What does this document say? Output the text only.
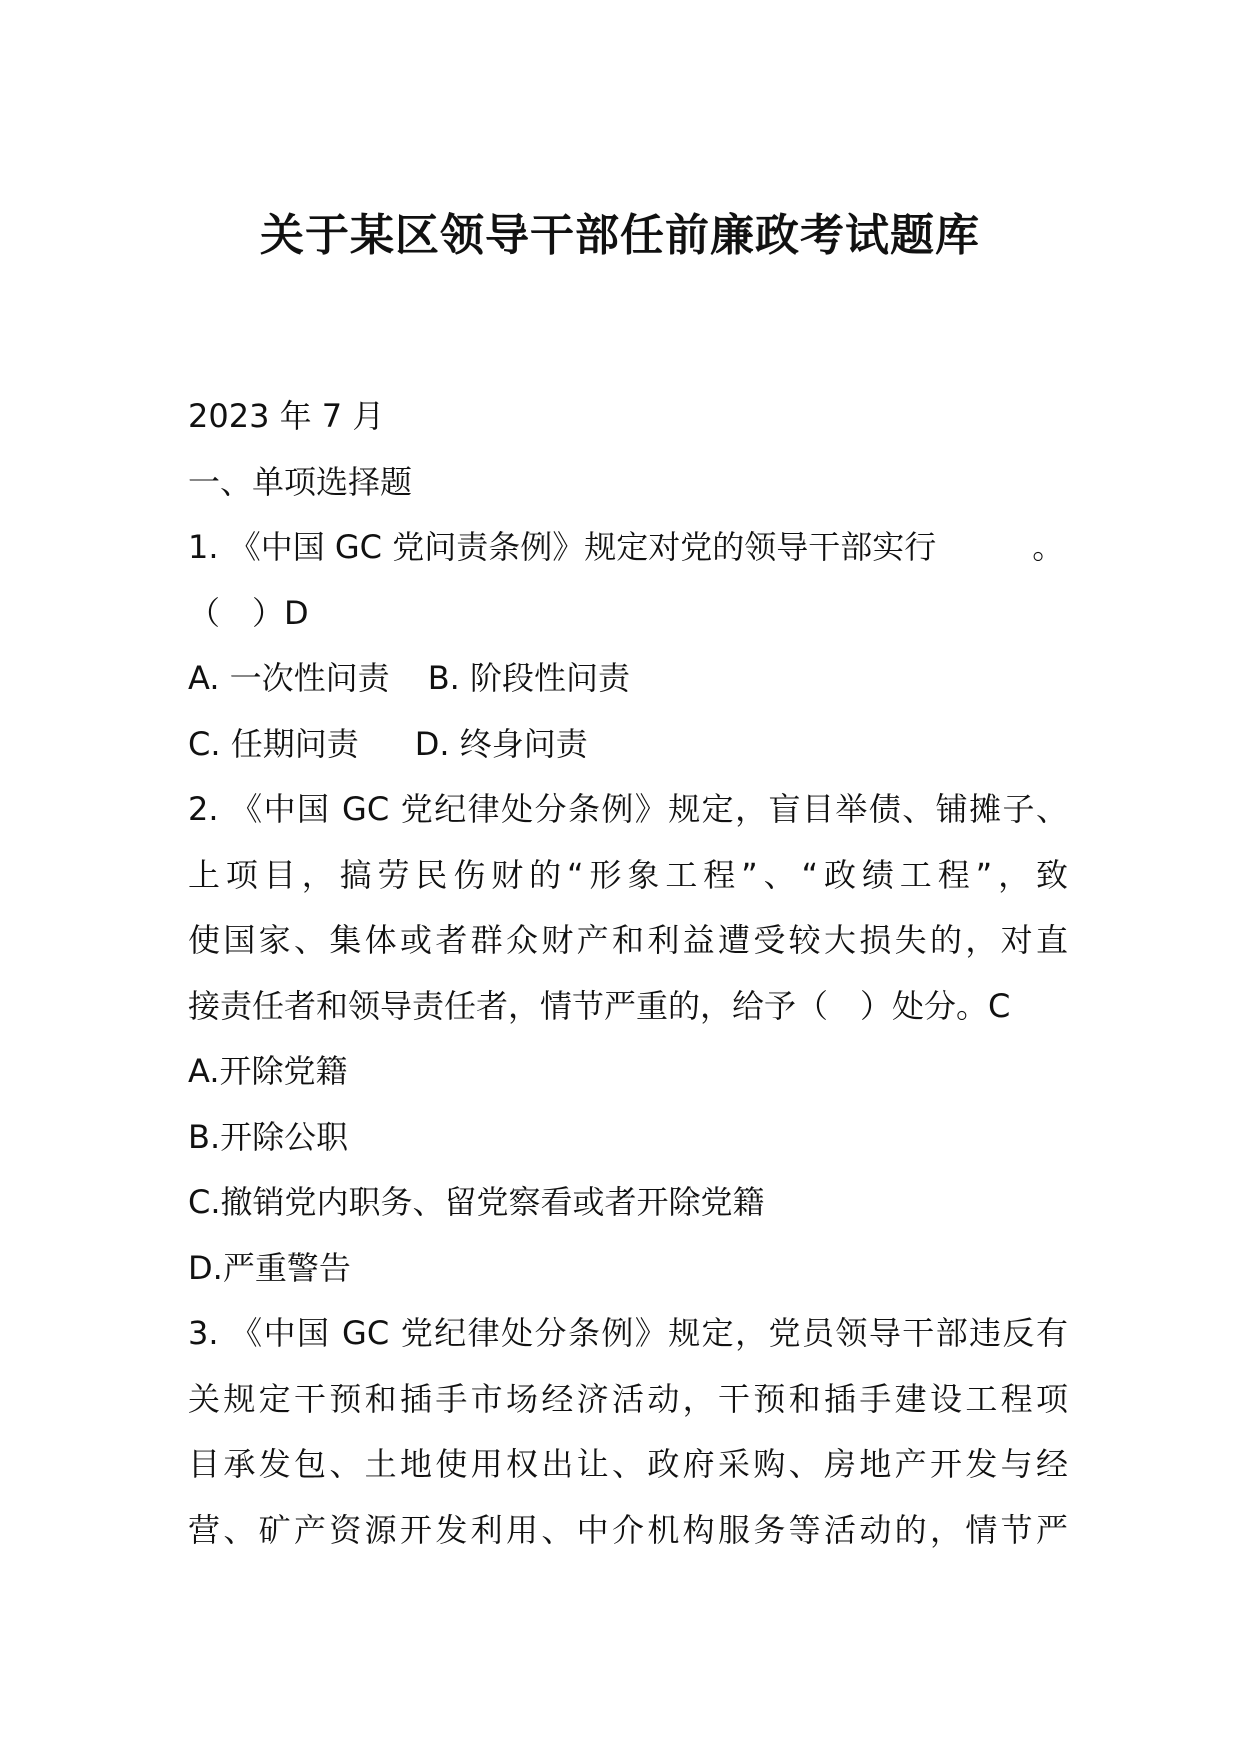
关于某区领导干部任前廉政考试题库
2023 年 7 月
一、单项选择题
1. 《中国 GC 党问责条例》规定对党的领导干部实行	。
（　）D
A. 一次性问责 B. 阶段性问责
C. 任期问责 D. 终身问责
2. 《中国 GC 党纪律处分条例》规定，盲目举债、铺摊子、
上项目，搞劳民伤财的“形象工程”、“政绩工程”，致
使国家、集体或者群众财产和利益遭受较大损失的，对直
接责任者和领导责任者，情节严重的，给予（　）处分。C
A.开除党籍
B.开除公职
C.撤销党内职务、留党察看或者开除党籍
D.严重警告
3. 《中国 GC 党纪律处分条例》规定，党员领导干部违反有
关规定干预和插手市场经济活动，干预和插手建设工程项
目承发包、土地使用权出让、政府采购、房地产开发与经
营、矿产资源开发利用、中介机构服务等活动的，情节严
